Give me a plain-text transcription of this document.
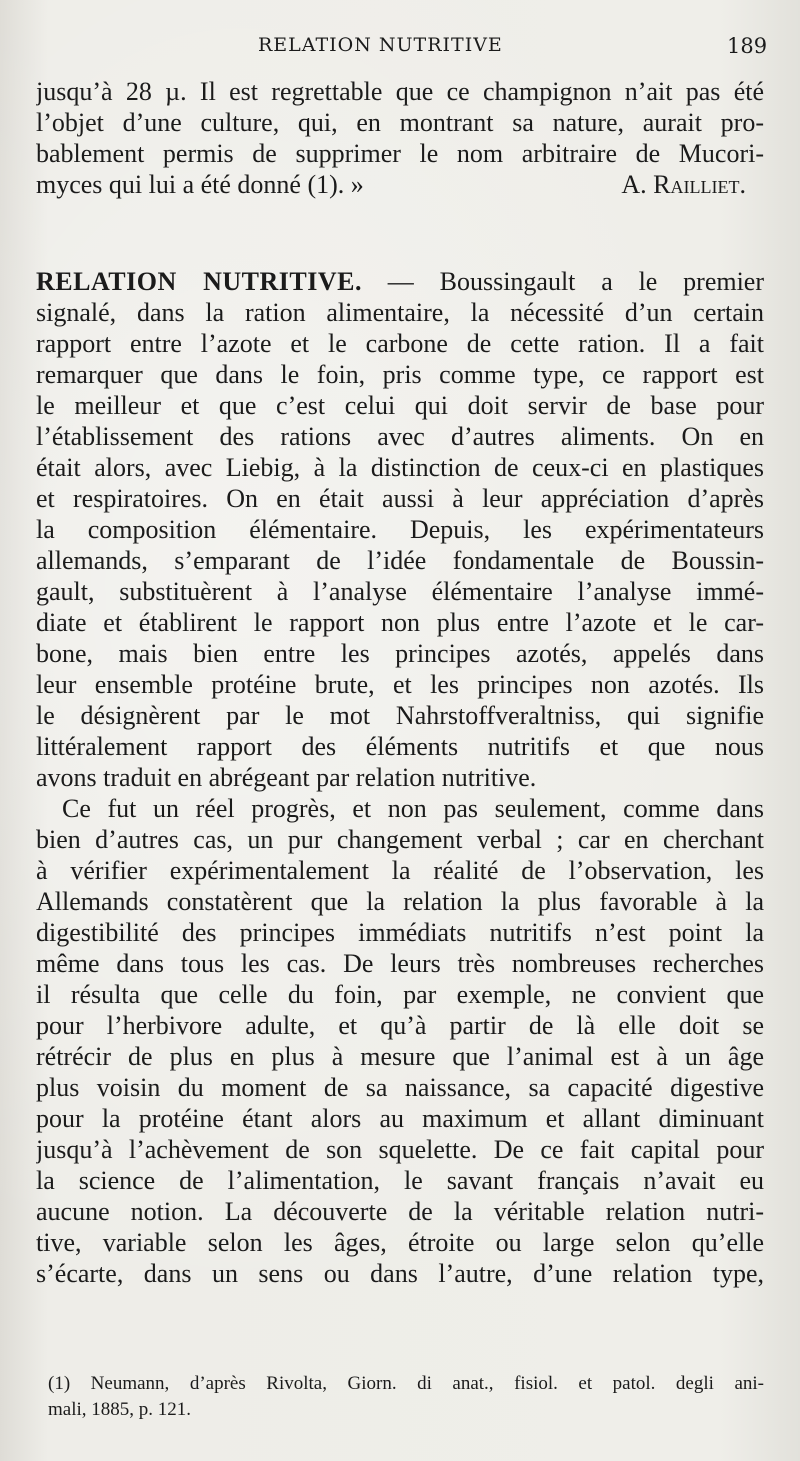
RELATION NUTRITIVE	189
jusqu’à 28 µ. Il est regrettable que ce champignon n’ait pas été
l’objet d’une culture, qui, en montrant sa nature, aurait pro-
bablement permis de supprimer le nom arbitraire de Mucori-
myces qui lui a été donné (1). »	A. Railliet.
RELATION NUTRITIVE. — Boussingault a le premier
signalé, dans la ration alimentaire, la nécessité d’un certain
rapport entre l’azote et le carbone de cette ration. Il a fait
remarquer que dans le foin, pris comme type, ce rapport est
le meilleur et que c’est celui qui doit servir de base pour
l’établissement des rations avec d’autres aliments. On en
était alors, avec Liebig, à la distinction de ceux-ci en plastiques
et respiratoires. On en était aussi à leur appréciation d’après
la composition élémentaire. Depuis, les expérimentateurs
allemands, s’emparant de l’idée fondamentale de Boussin-
gault, substituèrent à l’analyse élémentaire l’analyse immé-
diate et établirent le rapport non plus entre l’azote et le car-
bone, mais bien entre les principes azotés, appelés dans
leur ensemble protéine brute, et les principes non azotés. Ils
le désignèrent par le mot Nahrstoffveraltniss, qui signifie
littéralement rapport des éléments nutritifs et que nous
avons traduit en abrégeant par relation nutritive.
Ce fut un réel progrès, et non pas seulement, comme dans
bien d’autres cas, un pur changement verbal ; car en cherchant
à vérifier expérimentalement la réalité de l’observation, les
Allemands constatèrent que la relation la plus favorable à la
digestibilité des principes immédiats nutritifs n’est point la
même dans tous les cas. De leurs très nombreuses recherches
il résulta que celle du foin, par exemple, ne convient que
pour l’herbivore adulte, et qu’à partir de là elle doit se
rétrécir de plus en plus à mesure que l’animal est à un âge
plus voisin du moment de sa naissance, sa capacité digestive
pour la protéine étant alors au maximum et allant diminuant
jusqu’à l’achèvement de son squelette. De ce fait capital pour
la science de l’alimentation, le savant français n’avait eu
aucune notion. La découverte de la véritable relation nutri-
tive, variable selon les âges, étroite ou large selon qu’elle
s’écarte, dans un sens ou dans l’autre, d’une relation type,
(1) Neumann, d’après Rivolta, Giorn. di anat., fisiol. et patol. degli ani-
mali, 1885, p. 121.
